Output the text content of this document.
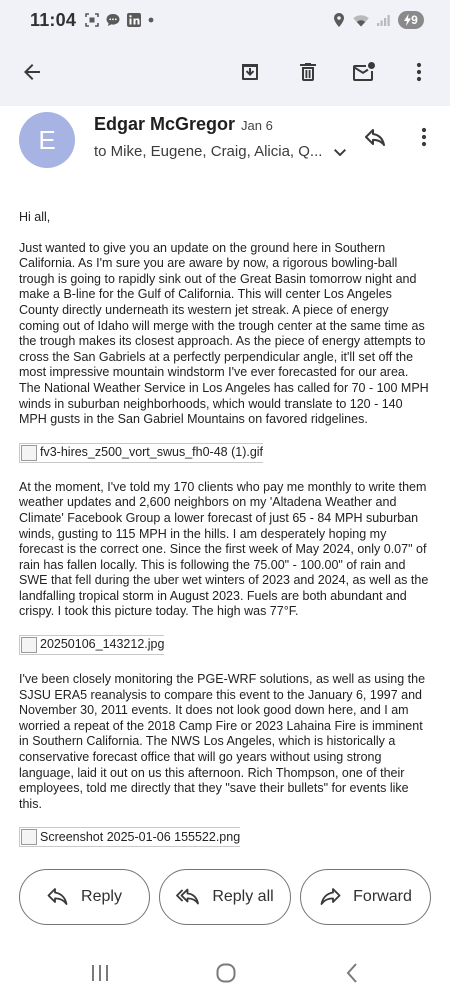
11:04	9
E
Edgar McGregor Jan 6
to Mike, Eugene, Craig, Alicia, Q...

Hi all,

Just wanted to give you an update on the ground here in Southern California. As I'm sure you are aware by now, a rigorous bowling-ball trough is going to rapidly sink out of the Great Basin tomorrow night and make a B-line for the Gulf of California. This will center Los Angeles County directly underneath its western jet streak. A piece of energy coming out of Idaho will merge with the trough center at the same time as the trough makes its closest approach. As the piece of energy attempts to cross the San Gabriels at a perfectly perpendicular angle, it'll set off the most impressive mountain windstorm I've ever forecasted for our area. The National Weather Service in Los Angeles has called for 70 - 100 MPH winds in suburban neighborhoods, which would translate to 120 - 140 MPH gusts in the San Gabriel Mountains on favored ridgelines.

fv3-hires_z500_vort_swus_fh0-48 (1).gif

At the moment, I've told my 170 clients who pay me monthly to write them weather updates and 2,600 neighbors on my 'Altadena Weather and Climate' Facebook Group a lower forecast of just 65 - 84 MPH suburban winds, gusting to 115 MPH in the hills. I am desperately hoping my forecast is the correct one. Since the first week of May 2024, only 0.07" of rain has fallen locally. This is following the 75.00" - 100.00" of rain and SWE that fell during the uber wet winters of 2023 and 2024, as well as the landfalling tropical storm in August 2023. Fuels are both abundant and crispy. I took this picture today. The high was 77°F.

20250106_143212.jpg

I've been closely monitoring the PGE-WRF solutions, as well as using the SJSU ERA5 reanalysis to compare this event to the January 6, 1997 and November 30, 2011 events. It does not look good down here, and I am worried a repeat of the 2018 Camp Fire or 2023 Lahaina Fire is imminent in Southern California. The NWS Los Angeles, which is historically a conservative forecast office that will go years without using strong language, laid it out on us this afternoon. Rich Thompson, one of their employees, told me directly that they "save their bullets" for events like this.

Screenshot 2025-01-06 155522.png
Reply	Reply all	Forward
